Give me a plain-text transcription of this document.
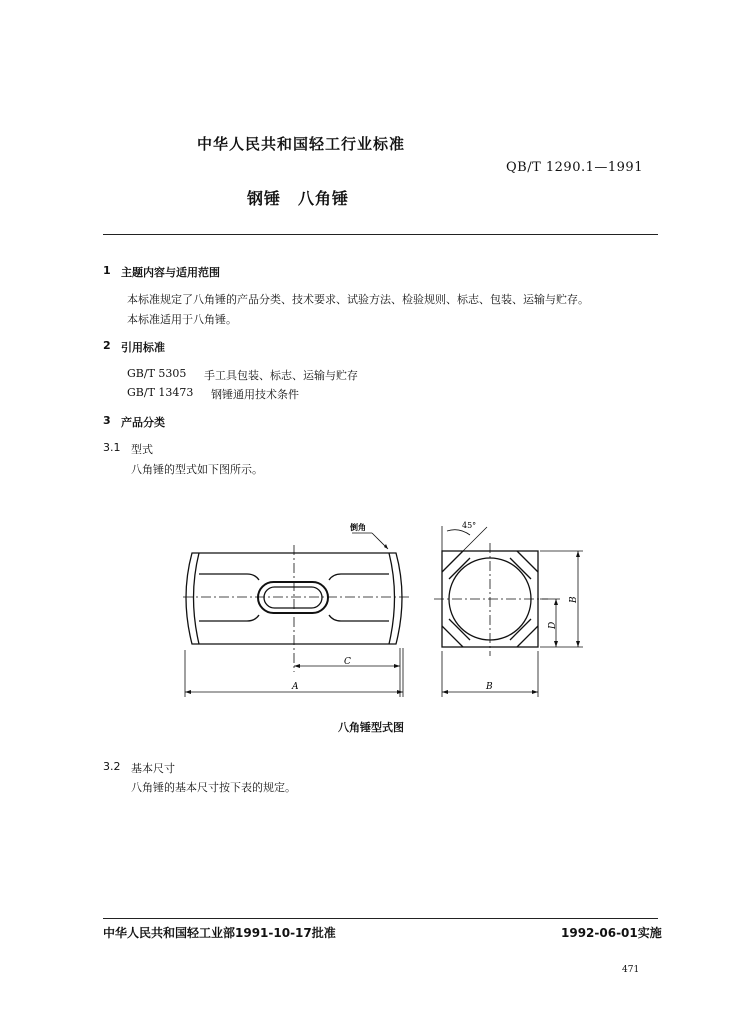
中华人民共和国轻工行业标准
QB/T 1290.1—1991
钢锤　八角锤
1 主题内容与适用范围
本标准规定了八角锤的产品分类、技术要求、试验方法、检验规则、标志、包装、运输与贮存。
本标准适用于八角锤。
2 引用标准
GB/T 5305 手工具包装、标志、运输与贮存
GB/T 13473 钢锤通用技术条件
3 产品分类
3.1 型式
八角锤的型式如下图所示。
倒角	45°
C
A	B
D
B
八角锤型式图
3.2 基本尺寸
八角锤的基本尺寸按下表的规定。
中华人民共和国轻工业部1991-10-17批准	1992-06-01实施
471
